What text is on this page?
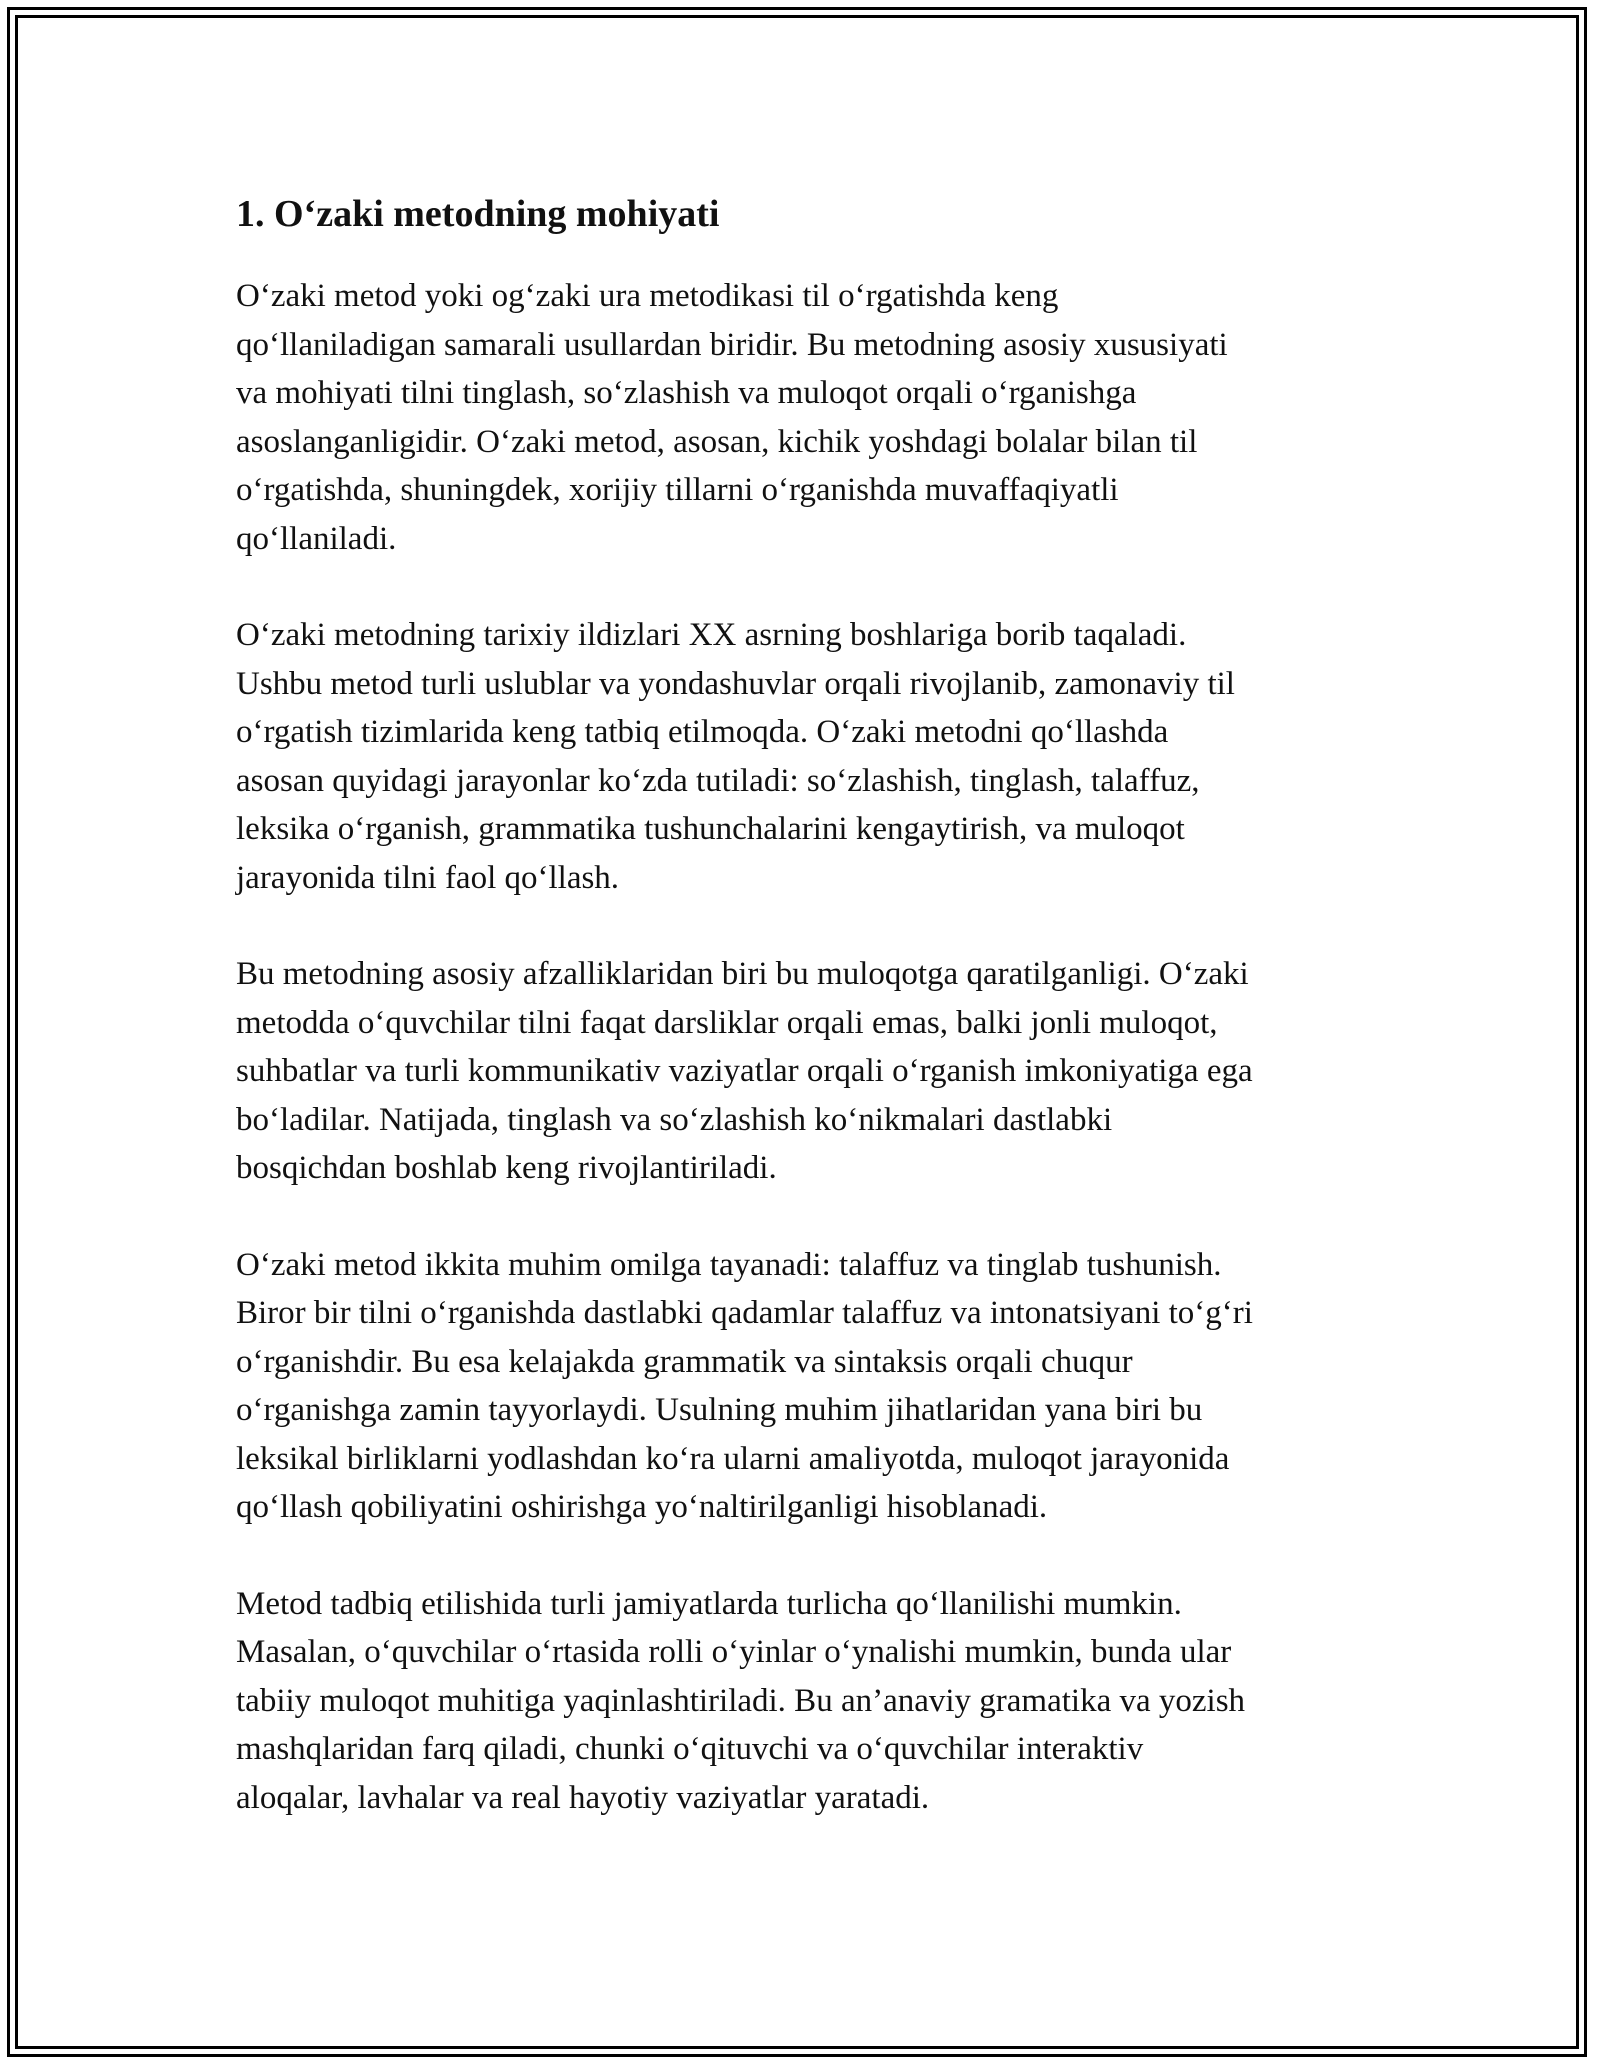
1. O‘zaki metodning mohiyati

O‘zaki metod yoki og‘zaki ura metodikasi til o‘rgatishda keng
qo‘llaniladigan samarali usullardan biridir. Bu metodning asosiy xususiyati
va mohiyati tilni tinglash, so‘zlashish va muloqot orqali o‘rganishga
asoslanganligidir. O‘zaki metod, asosan, kichik yoshdagi bolalar bilan til
o‘rgatishda, shuningdek, xorijiy tillarni o‘rganishda muvaffaqiyatli
qo‘llaniladi.

O‘zaki metodning tarixiy ildizlari XX asrning boshlariga borib taqaladi.
Ushbu metod turli uslublar va yondashuvlar orqali rivojlanib, zamonaviy til
o‘rgatish tizimlarida keng tatbiq etilmoqda. O‘zaki metodni qo‘llashda
asosan quyidagi jarayonlar ko‘zda tutiladi: so‘zlashish, tinglash, talaffuz,
leksika o‘rganish, grammatika tushunchalarini kengaytirish, va muloqot
jarayonida tilni faol qo‘llash.

Bu metodning asosiy afzalliklaridan biri bu muloqotga qaratilganligi. O‘zaki
metodda o‘quvchilar tilni faqat darsliklar orqali emas, balki jonli muloqot,
suhbatlar va turli kommunikativ vaziyatlar orqali o‘rganish imkoniyatiga ega
bo‘ladilar. Natijada, tinglash va so‘zlashish ko‘nikmalari dastlabki
bosqichdan boshlab keng rivojlantiriladi.

O‘zaki metod ikkita muhim omilga tayanadi: talaffuz va tinglab tushunish.
Biror bir tilni o‘rganishda dastlabki qadamlar talaffuz va intonatsiyani to‘g‘ri
o‘rganishdir. Bu esa kelajakda grammatik va sintaksis orqali chuqur
o‘rganishga zamin tayyorlaydi. Usulning muhim jihatlaridan yana biri bu
leksikal birliklarni yodlashdan ko‘ra ularni amaliyotda, muloqot jarayonida
qo‘llash qobiliyatini oshirishga yo‘naltirilganligi hisoblanadi.

Metod tadbiq etilishida turli jamiyatlarda turlicha qo‘llanilishi mumkin.
Masalan, o‘quvchilar o‘rtasida rolli o‘yinlar o‘ynalishi mumkin, bunda ular
tabiiy muloqot muhitiga yaqinlashtiriladi. Bu an’anaviy gramatika va yozish
mashqlaridan farq qiladi, chunki o‘qituvchi va o‘quvchilar interaktiv
aloqalar, lavhalar va real hayotiy vaziyatlar yaratadi.
